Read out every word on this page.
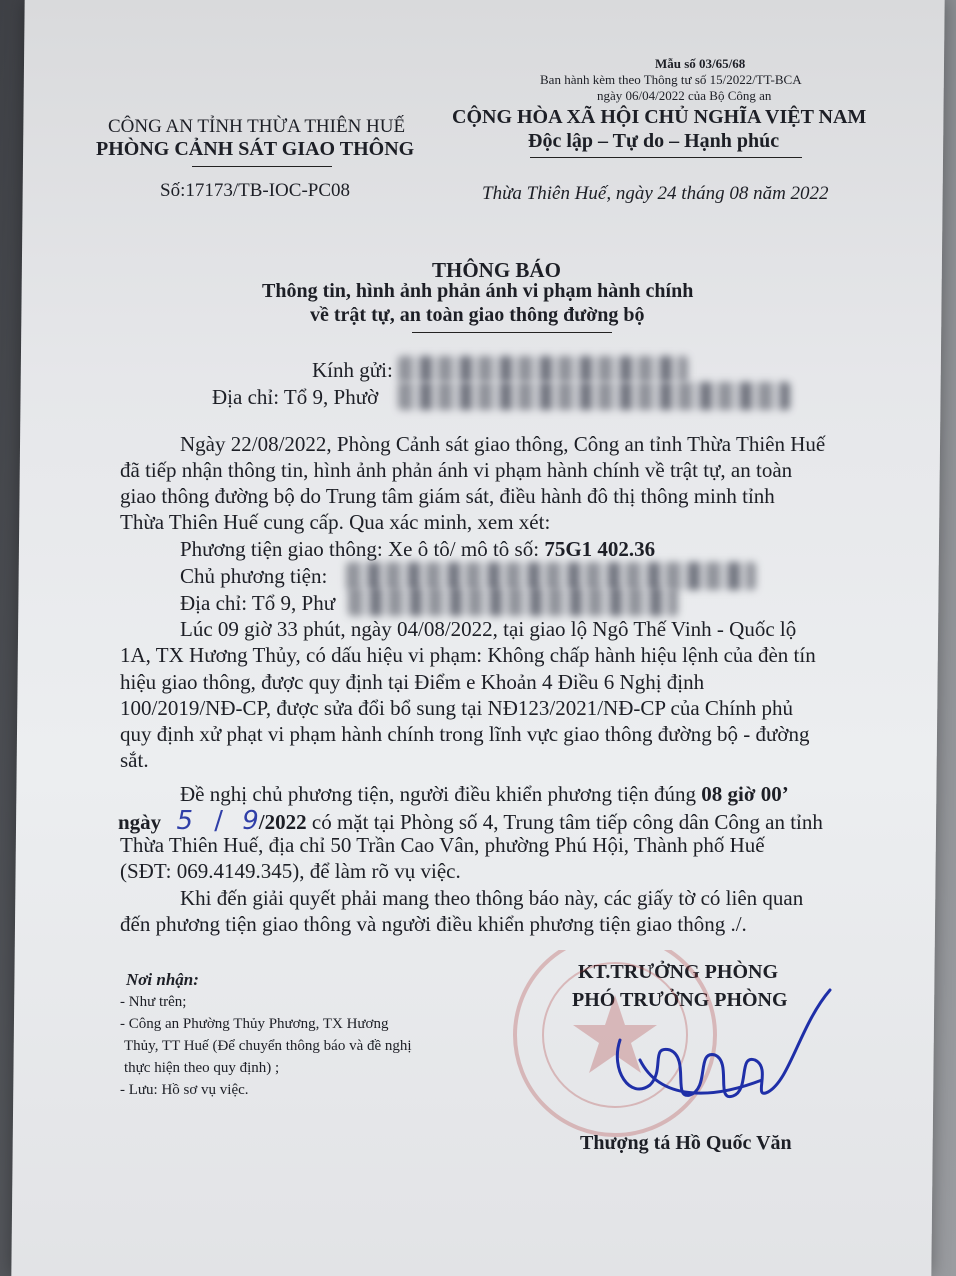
Mẫu số 03/65/68
Ban hành kèm theo Thông tư số 15/2022/TT-BCA
ngày 06/04/2022 của Bộ Công an
CÔNG AN TỈNH THỪA THIÊN HUẾ
PHÒNG CẢNH SÁT GIAO THÔNG
Số:17173/TB-IOC-PC08
CỘNG HÒA XÃ HỘI CHỦ NGHĨA VIỆT NAM
Độc lập – Tự do – Hạnh phúc
Thừa Thiên Huế, ngày 24 tháng 08 năm 2022
THÔNG BÁO
Thông tin, hình ảnh phản ánh vi phạm hành chính
về trật tự, an toàn giao thông đường bộ
Kính gửi:
Địa chỉ: Tổ 9, Phườ
Ngày 22/08/2022, Phòng Cảnh sát giao thông, Công an tỉnh Thừa Thiên Huế
đã tiếp nhận thông tin, hình ảnh phản ánh vi phạm hành chính về trật tự, an toàn
giao thông đường bộ do Trung tâm giám sát, điều hành đô thị thông minh tỉnh
Thừa Thiên Huế cung cấp. Qua xác minh, xem xét:
Phương tiện giao thông: Xe ô tô/ mô tô số: 75G1 402.36
Chủ phương tiện:
Địa chỉ: Tổ 9, Phư
Lúc 09 giờ 33 phút, ngày 04/08/2022, tại giao lộ Ngô Thế Vinh - Quốc lộ
1A, TX Hương Thủy, có dấu hiệu vi phạm: Không chấp hành hiệu lệnh của đèn tín
hiệu giao thông, được quy định tại Điểm e Khoản 4 Điều 6 Nghị định
100/2019/NĐ-CP, được sửa đổi bổ sung tại NĐ123/2021/NĐ-CP của Chính phủ
quy định xử phạt vi phạm hành chính trong lĩnh vực giao thông đường bộ - đường
sắt.
Đề nghị chủ phương tiện, người điều khiển phương tiện đúng 08 giờ 00’
ngày 5 / 9/2022 có mặt tại Phòng số 4, Trung tâm tiếp công dân Công an tỉnh
Thừa Thiên Huế, địa chỉ 50 Trần Cao Vân, phường Phú Hội, Thành phố Huế
(SĐT: 069.4149.345), để làm rõ vụ việc.
Khi đến giải quyết phải mang theo thông báo này, các giấy tờ có liên quan
đến phương tiện giao thông và người điều khiển phương tiện giao thông ./.
Nơi nhận:
- Như trên;
- Công an Phường Thủy Phương, TX Hương
Thủy, TT Huế (Để chuyển thông báo và đề nghị
thực hiện theo quy định) ;
- Lưu: Hồ sơ vụ việc.
KT.TRƯỞNG PHÒNG
PHÓ TRƯỞNG PHÒNG
Thượng tá Hồ Quốc Văn
